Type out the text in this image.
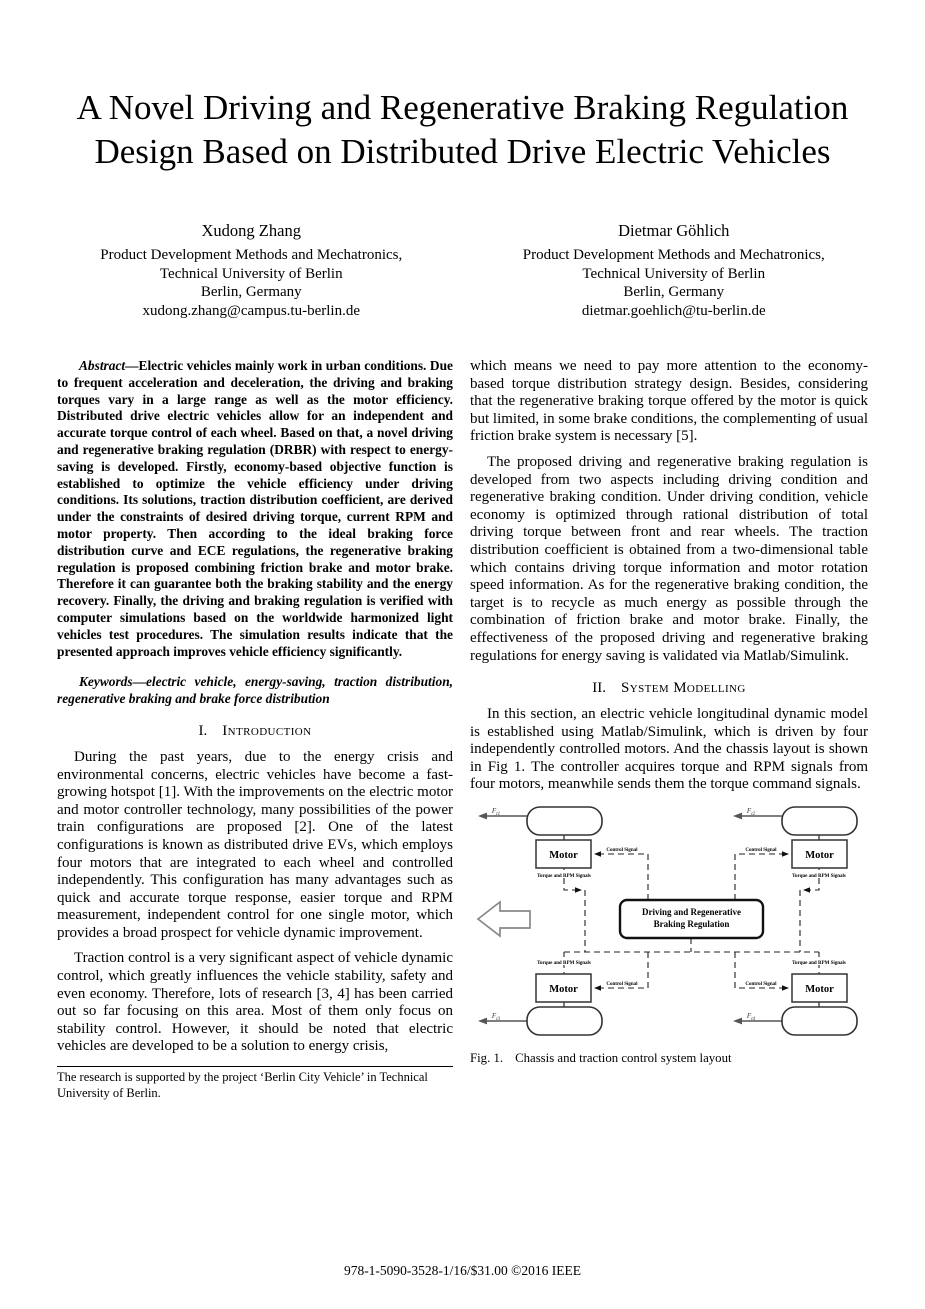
A Novel Driving and Regenerative Braking Regulation Design Based on Distributed Drive Electric Vehicles
Xudong Zhang
Product Development Methods and Mechatronics,
Technical University of Berlin
Berlin, Germany
xudong.zhang@campus.tu-berlin.de
Dietmar Göhlich
Product Development Methods and Mechatronics,
Technical University of Berlin
Berlin, Germany
dietmar.goehlich@tu-berlin.de

Abstract—Electric vehicles mainly work in urban conditions. Due to frequent acceleration and deceleration, the driving and braking torques vary in a large range as well as the motor efficiency. Distributed drive electric vehicles allow for an independent and accurate torque control of each wheel. Based on that, a novel driving and regenerative braking regulation (DRBR) with respect to energy-saving is developed. Firstly, economy-based objective function is established to optimize the vehicle efficiency under driving conditions. Its solutions, traction distribution coefficient, are derived under the constraints of desired driving torque, current RPM and motor property. Then according to the ideal braking force distribution curve and ECE regulations, the regenerative braking regulation is proposed combining friction brake and motor brake. Therefore it can guarantee both the braking stability and the energy recovery. Finally, the driving and braking regulation is verified with computer simulations based on the worldwide harmonized light vehicles test procedures. The simulation results indicate that the presented approach improves vehicle efficiency significantly.

Keywords—electric vehicle, energy-saving, traction distribution, regenerative braking and brake force distribution

I. Introduction

During the past years, due to the energy crisis and environmental concerns, electric vehicles have become a fast-growing hotspot [1]. With the improvements on the electric motor and motor controller technology, many possibilities of the power train configurations are proposed [2]. One of the latest configurations is known as distributed drive EVs, which employs four motors that are integrated to each wheel and controlled independently. This configuration has many advantages such as quick and accurate torque response, easier torque and RPM measurement, independent control for one single motor, which provides a broad prospect for vehicle dynamic improvement.

Traction control is a very significant aspect of vehicle dynamic control, which greatly influences the vehicle stability, safety and even economy. Therefore, lots of research [3, 4] has been carried out so far focusing on this area. Most of them only focus on stability control. However, it should be noted that electric vehicles are developed to be a solution to energy crisis,

The research is supported by the project ‘Berlin City Vehicle’ in Technical University of Berlin.

which means we need to pay more attention to the economy-based torque distribution strategy design. Besides, considering that the regenerative braking torque offered by the motor is quick but limited, in some brake conditions, the complementing of usual friction brake system is necessary [5].

The proposed driving and regenerative braking regulation is developed from two aspects including driving condition and regenerative braking condition. Under driving condition, vehicle economy is optimized through rational distribution of total driving torque between front and rear wheels. The traction distribution coefficient is obtained from a two-dimensional table which contains driving torque information and motor rotation speed information. As for the regenerative braking condition, the target is to recycle as much energy as possible through the combination of friction brake and motor brake. Finally, the effectiveness of the proposed driving and regenerative braking regulations for energy saving is validated via Matlab/Simulink.

II. System Modelling

In this section, an electric vehicle longitudinal dynamic model is established using Matlab/Simulink, which is driven by four independently controlled motors. And the chassis layout is shown in Fig 1. The controller acquires torque and RPM signals from four motors, meanwhile sends them the torque command signals.

Motor	Motor
Motor	Motor
Driving and Regenerative
Braking Regulation
Torque and RPM Signals	Torque and RPM Signals
Torque and RPM Signals	Torque and RPM Signals
Control Signal	Control Signal
Control Signal	Control Signal
$F_{t1}$	$F_{t2}$
$F_{t3}$	$F_{t4}$
Fig. 1. Chassis and traction control system layout
978-1-5090-3528-1/16/$31.00 ©2016 IEEE
